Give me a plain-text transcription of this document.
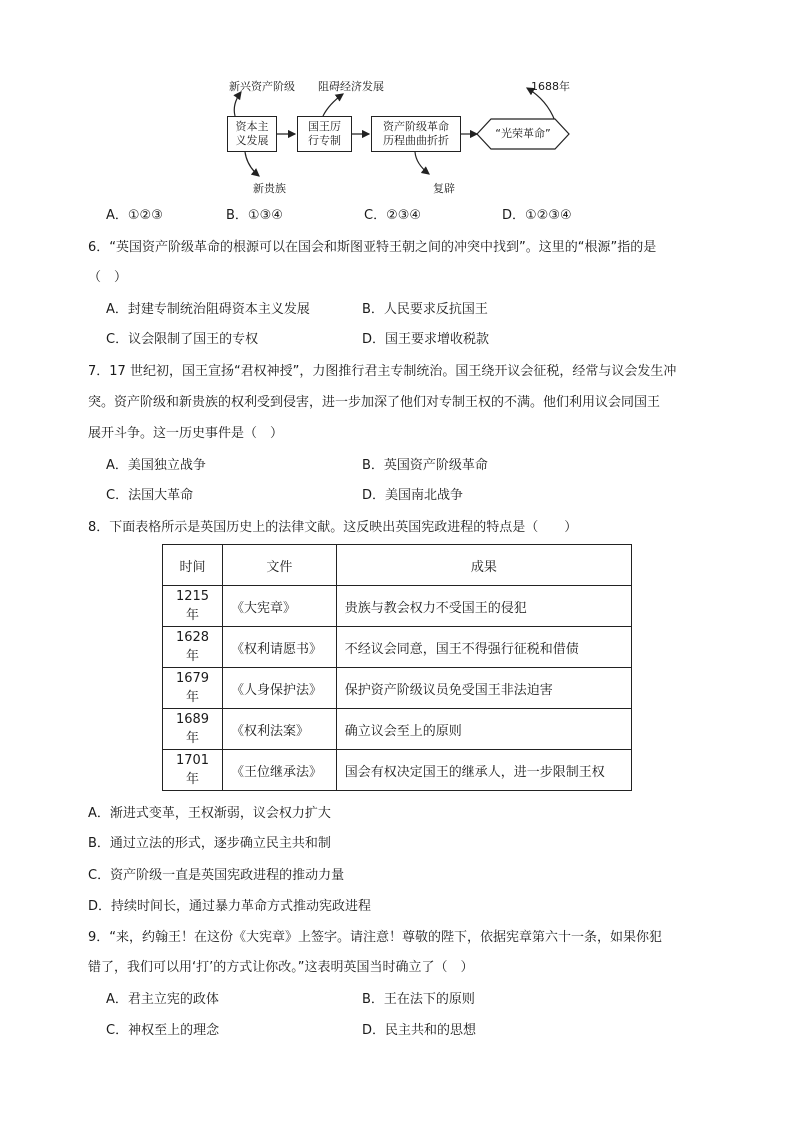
新兴资产阶级 阻碍经济发展	1688年
资本主
义发展
国王厉
行专制
资产阶级革命
历程曲曲折折
“光荣革命”
新贵族	复辟
A．①②③	B．①③④	C．②③④	D．①②③④
6．“英国资产阶级革命的根源可以在国会和斯图亚特王朝之间的冲突中找到”。这里的“根源”指的是
（　）
A．封建专制统治阻碍资本主义发展	B．人民要求反抗国王
C．议会限制了国王的专权	D．国王要求增收税款
7．17 世纪初，国王宣扬“君权神授”，力图推行君主专制统治。国王绕开议会征税，经常与议会发生冲
突。资产阶级和新贵族的权利受到侵害，进一步加深了他们对专制王权的不满。他们利用议会同国王
展开斗争。这一历史事件是（　）
A．美国独立战争	B．英国资产阶级革命
C．法国大革命	D．美国南北战争
8．下面表格所示是英国历史上的法律文献。这反映出英国宪政进程的特点是（　　）
时间	文件	成果
1215 年	《大宪章》	贵族与教会权力不受国王的侵犯
1628 年	《权利请愿书》	不经议会同意，国王不得强行征税和借债
1679 年	《人身保护法》	保护资产阶级议员免受国王非法迫害
1689 年	《权利法案》	确立议会至上的原则
1701 年	《王位继承法》	国会有权决定国王的继承人，进一步限制王权
A．渐进式变革，王权渐弱，议会权力扩大
B．通过立法的形式，逐步确立民主共和制
C．资产阶级一直是英国宪政进程的推动力量
D．持续时间长，通过暴力革命方式推动宪政进程
9．“来，约翰王！在这份《大宪章》上签字。请注意！尊敬的陛下，依据宪章第六十一条，如果你犯
错了，我们可以用‘打’的方式让你改。”这表明英国当时确立了（　）
A．君主立宪的政体	B．王在法下的原则
C．神权至上的理念	D．民主共和的思想
